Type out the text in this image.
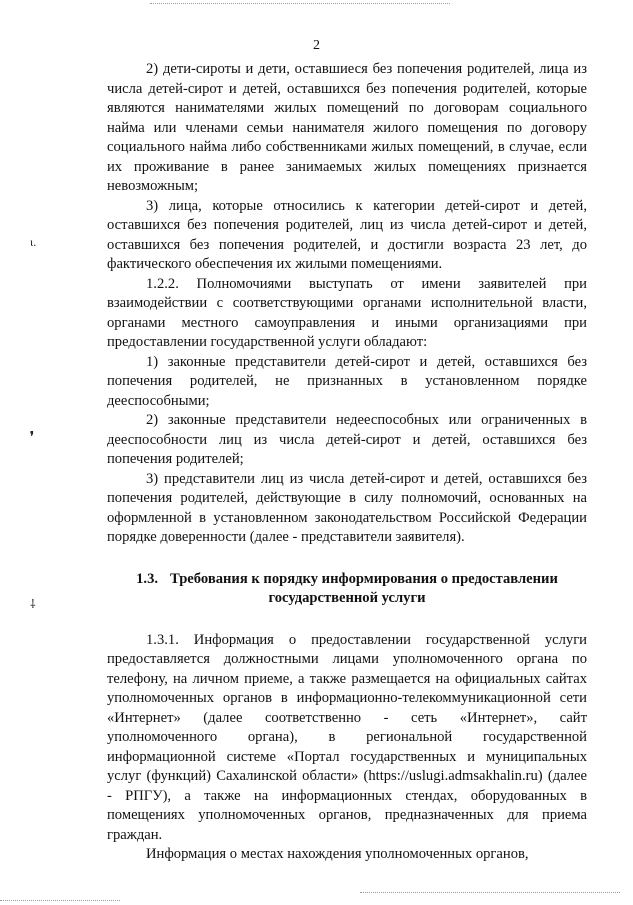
2
ι.
❜
⸸

2) дети-сироты и дети, оставшиеся без попечения родителей, лица из числа детей-сирот и детей, оставшихся без попечения родителей, которые являются нанимателями жилых помещений по договорам социального найма или членами семьи нанимателя жилого помещения по договору социального найма либо собственниками жилых помещений, в случае, если их проживание в ранее занимаемых жилых помещениях признается невозможным;

3) лица, которые относились к категории детей-сирот и детей, оставшихся без попечения родителей, лиц из числа детей-сирот и детей, оставшихся без попечения родителей, и достигли возраста 23 лет, до фактического обеспечения их жилыми помещениями.

1.2.2. Полномочиями выступать от имени заявителей при взаимодействии с соответствующими органами исполнительной власти, органами местного самоуправления и иными организациями при предоставлении государственной услуги обладают:

1) законные представители детей-сирот и детей, оставшихся без попечения родителей, не признанных в установленном порядке дееспособными;

2) законные представители недееспособных или ограниченных в дееспособности лиц из числа детей-сирот и детей, оставшихся без попечения родителей;

3) представители лиц из числа детей-сирот и детей, оставшихся без попечения родителей, действующие в силу полномочий, основанных на оформленной в установленном законодательством Российской Федерации порядке доверенности (далее - представители заявителя).

1.3. Требования к порядку информирования о предоставлении
государственной услуги

1.3.1. Информация о предоставлении государственной услуги предоставляется должностными лицами уполномоченного органа по телефону, на личном приеме, а также размещается на официальных сайтах уполномоченных органов в информационно-телекоммуникационной сети «Интернет» (далее соответственно - сеть «Интернет», сайт уполномоченного органа), в региональной государственной информационной системе «Портал государственных и муниципальных услуг (функций) Сахалинской области» (https://uslugi.admsakhalin.ru) (далее - РПГУ), а также на информационных стендах, оборудованных в помещениях уполномоченных органов, предназначенных для приема граждан.

Информация о местах нахождения уполномоченных органов,
